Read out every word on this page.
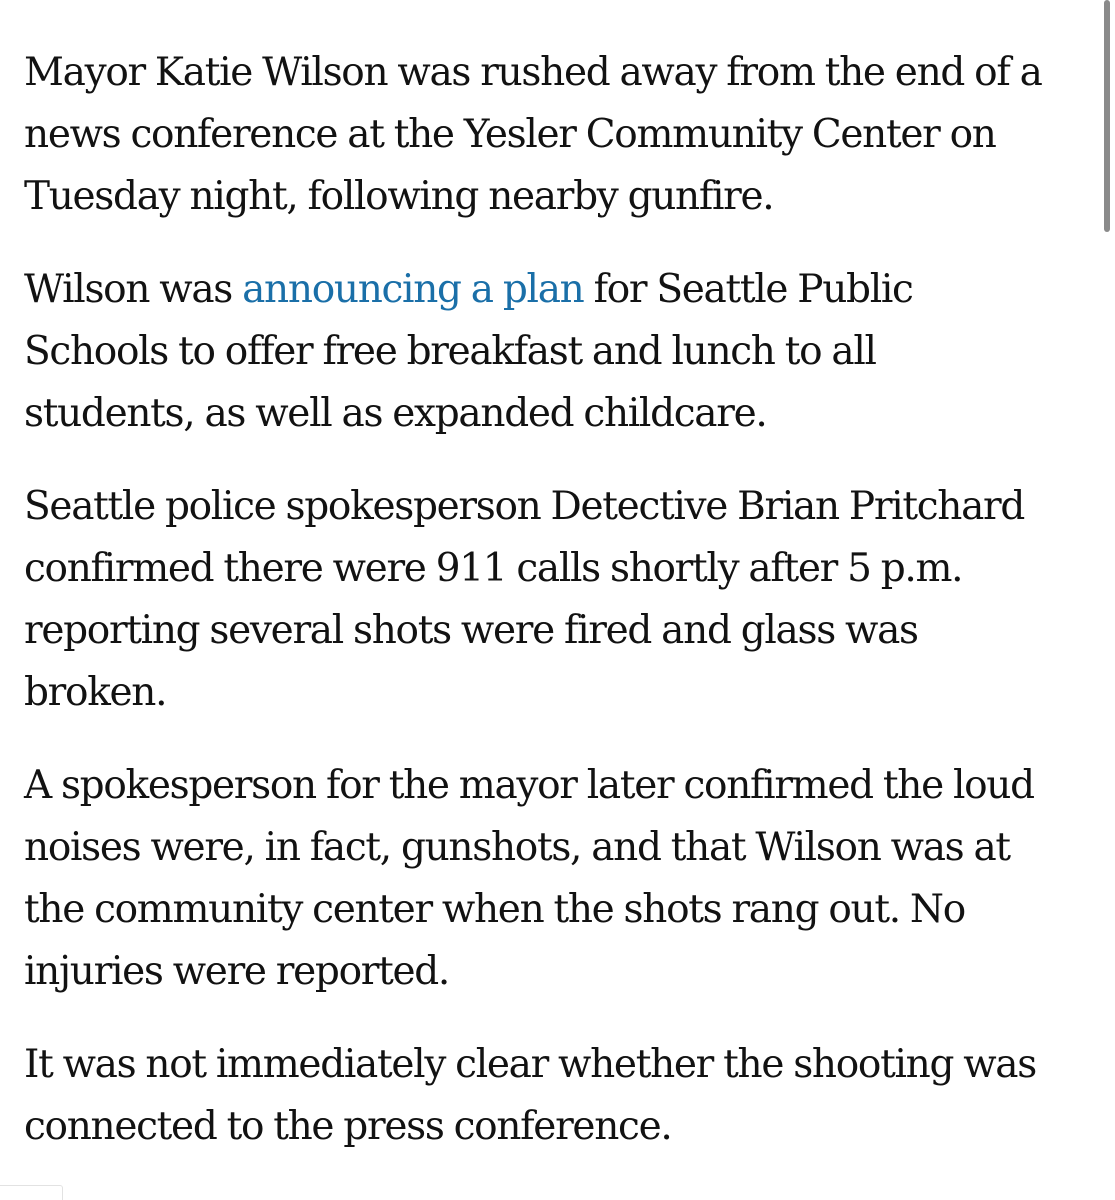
Mayor Katie Wilson was rushed away from the end of a
news conference at the Yesler Community Center on
Tuesday night, following nearby gunfire.

Wilson was announcing a plan for Seattle Public
Schools to offer free breakfast and lunch to all
students, as well as expanded childcare.

Seattle police spokesperson Detective Brian Pritchard
confirmed there were 911 calls shortly after 5 p.m.
reporting several shots were fired and glass was
broken.

A spokesperson for the mayor later confirmed the loud
noises were, in fact, gunshots, and that Wilson was at
the community center when the shots rang out. No
injuries were reported.

It was not immediately clear whether the shooting was
connected to the press conference.
